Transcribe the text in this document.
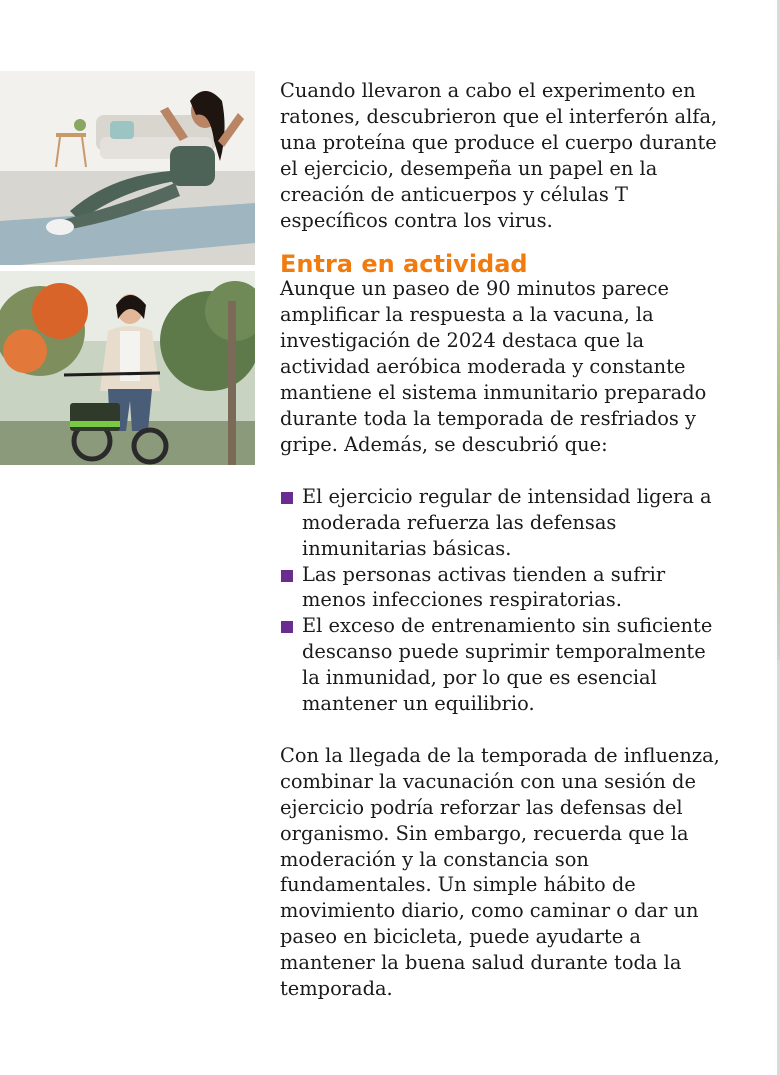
Cuando llevaron a cabo el experimento en ratones, descubrieron que el interferón alfa, una proteína que produce el cuerpo durante el ejercicio, desempeña un papel en la creación de anticuerpos y células T específicos contra los virus.

Entra en actividad

Aunque un paseo de 90 minutos parece amplificar la respuesta a la vacuna, la investigación de 2024 destaca que la actividad aeróbica moderada y constante mantiene el sistema inmunitario preparado durante toda la temporada de resfriados y gripe. Además, se descubrió que:

El ejercicio regular de intensidad ligera a moderada refuerza las defensas inmunitarias básicas.
Las personas activas tienden a sufrir menos infecciones respiratorias.
El exceso de entrenamiento sin suficiente descanso puede suprimir temporalmente la inmunidad, por lo que es esencial mantener un equilibrio.

Con la llegada de la temporada de influenza, combinar la vacunación con una sesión de ejercicio podría reforzar las defensas del organismo. Sin embargo, recuerda que la moderación y la constancia son fundamentales. Un simple hábito de movimiento diario, como caminar o dar un paseo en bicicleta, puede ayudarte a mantener la buena salud durante toda la temporada.
